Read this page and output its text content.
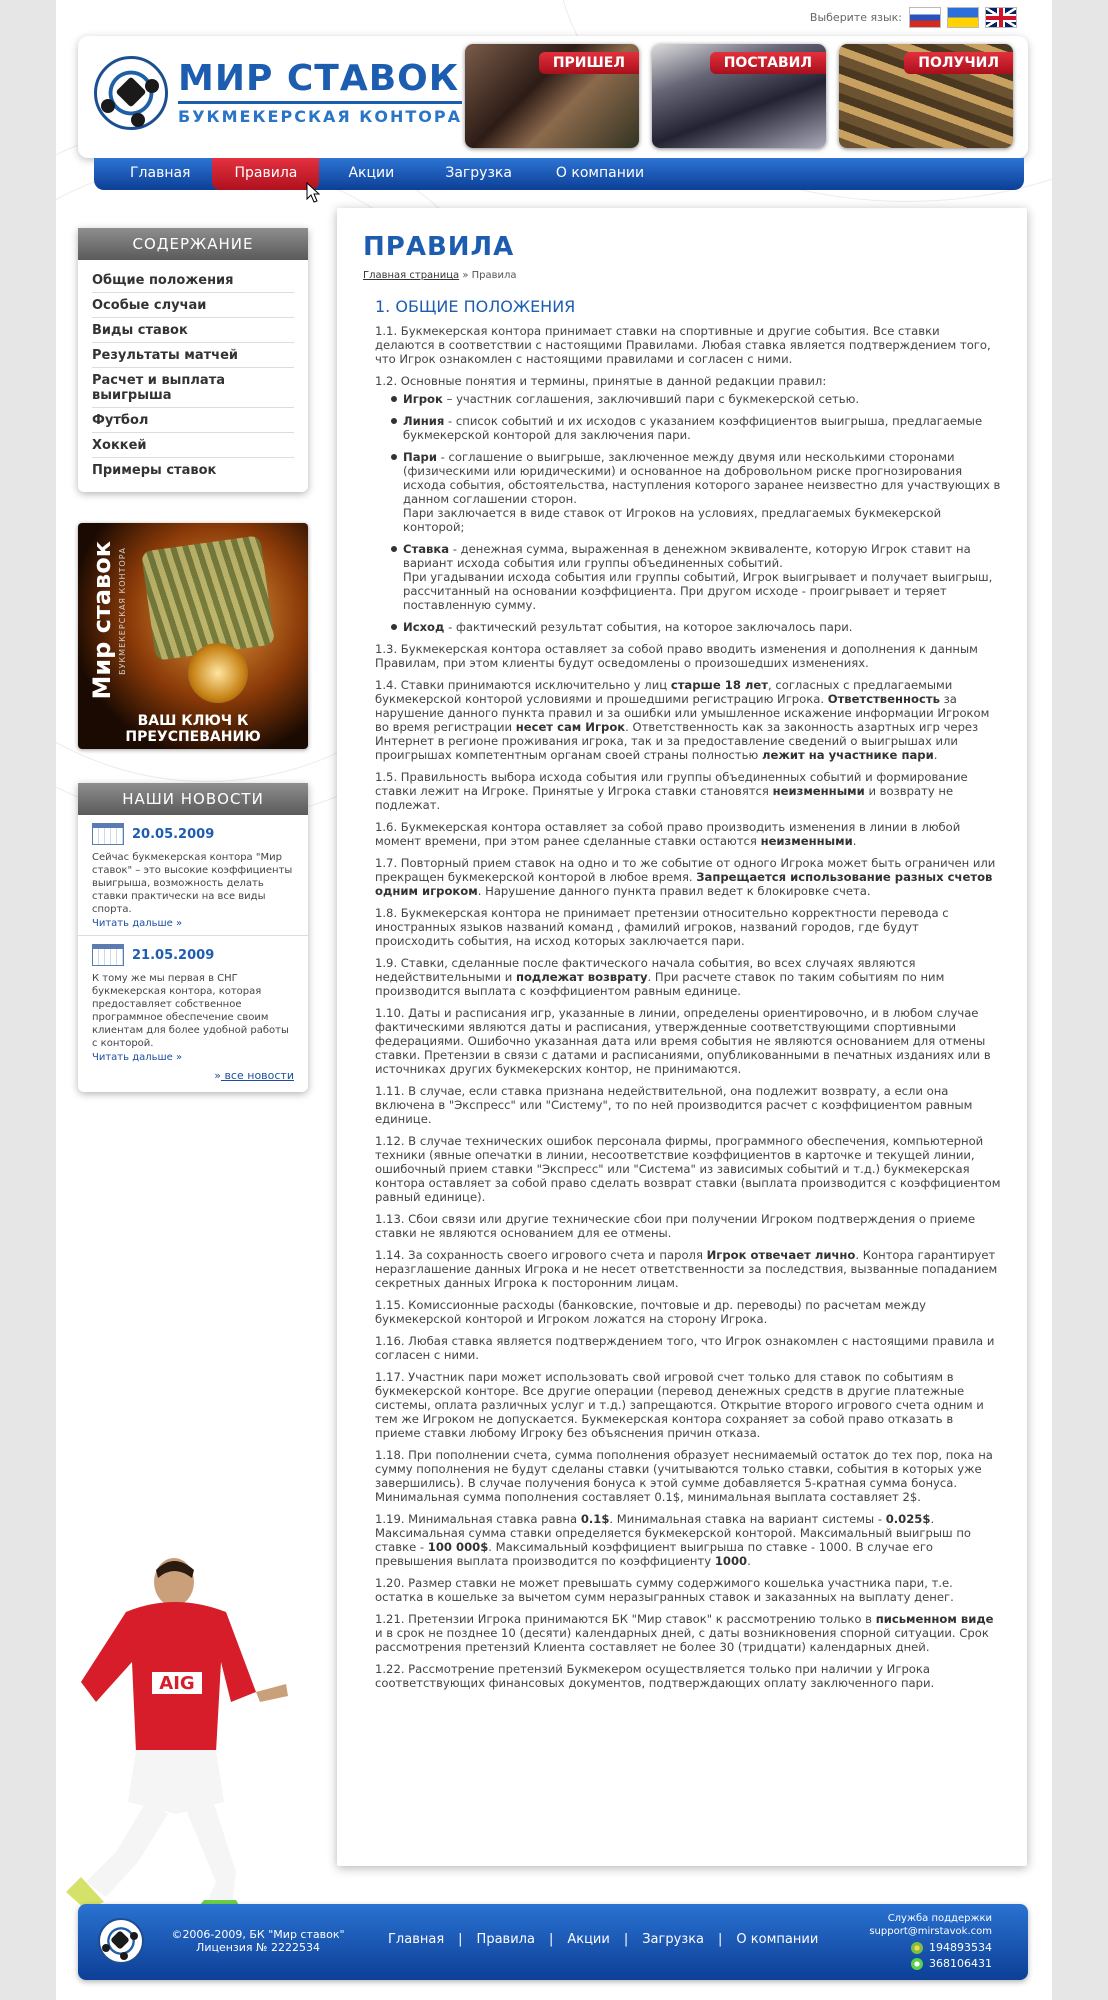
Выберите язык:
МИР СТАВОК
БУКМЕКЕРСКАЯ КОНТОРА
ПРИШЕЛ	ПОСТАВИЛ	ПОЛУЧИЛ
Главная	Правила	Акции	Загрузка	О компании
СОДЕРЖАНИЕ
Общие положения
Особые случаи
Виды ставок
Результаты матчей
Расчет и выплата выигрыша
Футбол
Хоккей
Примеры ставок
Мир ставок БУКМЕКЕРСКАЯ КОНТОРА
ВАШ КЛЮЧ К ПРЕУСПЕВАНИЮ
НАШИ НОВОСТИ
20.05.2009
Сейчас букмекерская контора "Мир ставок" – это высокие коэффициенты выигрыша, возможность делать ставки практически на все виды спорта.
Читать дальше »
21.05.2009
К тому же мы первая в СНГ букмекерская контора, которая предоставляет собственное программное обеспечение своим клиентам для более удобной работы с конторой.
Читать дальше »
» все новости
AIG
ПРАВИЛА
Главная страница » Правила
1. ОБЩИЕ ПОЛОЖЕНИЯ

1.1. Букмекерская контора принимает ставки на спортивные и другие события. Все ставки делаются в соответствии с настоящими Правилами. Любая ставка является подтверждением того, что Игрок ознакомлен с настоящими правилами и согласен с ними.

1.2. Основные понятия и термины, принятые в данной редакции правил:

Игрок – участник соглашения, заключивший пари с букмекерской сетью.
Линия - список событий и их исходов с указанием коэффициентов выигрыша, предлагаемые букмекерской конторой для заключения пари.
Пари - соглашение о выигрыше, заключенное между двумя или несколькими сторонами (физическими или юридическими) и основанное на добровольном риске прогнозирования исхода события, обстоятельства, наступления которого заранее неизвестно для участвующих в данном соглашении сторон.
Пари заключается в виде ставок от Игроков на условиях, предлагаемых букмекерской конторой;
Ставка - денежная сумма, выраженная в денежном эквиваленте, которую Игрок ставит на вариант исхода события или группы объединенных событий.
При угадывании исхода события или группы событий, Игрок выигрывает и получает выигрыш, рассчитанный на основании коэффициента. При другом исходе - проигрывает и теряет поставленную сумму.
Исход - фактический результат события, на которое заключалось пари.

1.3. Букмекерская контора оставляет за собой право вводить изменения и дополнения к данным Правилам, при этом клиенты будут осведомлены о произошедших изменениях.

1.4. Ставки принимаются исключительно у лиц старше 18 лет, согласных с предлагаемыми букмекерской конторой условиями и прошедшими регистрацию Игрока. Ответственность за нарушение данного пункта правил и за ошибки или умышленное искажение информации Игроком во время регистрации несет сам Игрок. Ответственность как за законность азартных игр через Интернет в регионе проживания игрока, так и за предоставление сведений о выигрышах или проигрышах компетентным органам своей страны полностью лежит на участнике пари.

1.5. Правильность выбора исхода события или группы объединенных событий и формирование ставки лежит на Игроке. Принятые у Игрока ставки становятся неизменными и возврату не подлежат.

1.6. Букмекерская контора оставляет за собой право производить изменения в линии в любой момент времени, при этом ранее сделанные ставки остаются неизменными.

1.7. Повторный прием ставок на одно и то же событие от одного Игрока может быть ограничен или прекращен букмекерской конторой в любое время. Запрещается использование разных счетов одним игроком. Нарушение данного пункта правил ведет к блокировке счета.

1.8. Букмекерская контора не принимает претензии относительно корректности перевода с иностранных языков названий команд , фамилий игроков, названий городов, где будут происходить события, на исход которых заключается пари.

1.9. Ставки, сделанные после фактического начала события, во всех случаях являются недействительными и подлежат возврату. При расчете ставок по таким событиям по ним производится выплата с коэффициентом равным единице.

1.10. Даты и расписания игр, указанные в линии, определены ориентировочно, и в любом случае фактическими являются даты и расписания, утвержденные соответствующими спортивными федерациями. Ошибочно указанная дата или время события не являются основанием для отмены ставки. Претензии в связи с датами и расписаниями, опубликованными в печатных изданиях или в источниках других букмекерских контор, не принимаются.

1.11. В случае, если ставка признана недействительной, она подлежит возврату, а если она включена в "Экспресс" или "Систему", то по ней производится расчет с коэффициентом равным единице.

1.12. В случае технических ошибок персонала фирмы, программного обеспечения, компьютерной техники (явные опечатки в линии, несоответствие коэффициентов в карточке и текущей линии, ошибочный прием ставки "Экспресс" или "Система" из зависимых событий и т.д.) букмекерская контора оставляет за собой право сделать возврат ставки (выплата производится с коэффициентом равный единице).

1.13. Сбои связи или другие технические сбои при получении Игроком подтверждения о приеме ставки не являются основанием для ее отмены.

1.14. За сохранность своего игрового счета и пароля Игрок отвечает лично. Контора гарантирует неразглашение данных Игрока и не несет ответственности за последствия, вызванные попаданием секретных данных Игрока к посторонним лицам.

1.15. Комиссионные расходы (банковские, почтовые и др. переводы) по расчетам между букмекерской конторой и Игроком ложатся на сторону Игрока.

1.16. Любая ставка является подтверждением того, что Игрок ознакомлен с настоящими правила и согласен с ними.

1.17. Участник пари может использовать свой игровой счет только для ставок по событиям в букмекерской конторе. Все другие операции (перевод денежных средств в другие платежные системы, оплата различных услуг и т.д.) запрещаются. Открытие второго игрового счета одним и тем же Игроком не допускается. Букмекерская контора сохраняет за собой право отказать в приеме ставки любому Игроку без объяснения причин отказа.

1.18. При пополнении счета, сумма пополнения образует неснимаемый остаток до тех пор, пока на сумму пополнения не будут сделаны ставки (учитываются только ставки, события в которых уже завершились). В случае получения бонуса к этой сумме добавляется 5-кратная сумма бонуса. Минимальная сумма пополнения составляет 0.1$, минимальная выплата составляет 2$.

1.19. Минимальная ставка равна 0.1$. Минимальная ставка на вариант системы - 0.025$. Максимальная сумма ставки определяется букмекерской конторой. Максимальный выигрыш по ставке - 100 000$. Максимальный коэффициент выигрыша по ставке - 1000. В случае его превышения выплата производится по коэффициенту 1000.

1.20. Размер ставки не может превышать сумму содержимого кошелька участника пари, т.е. остатка в кошельке за вычетом сумм неразыгранных ставок и заказанных на выплату денег.

1.21. Претензии Игрока принимаются БК "Мир ставок" к рассмотрению только в письменном виде и в срок не позднее 10 (десяти) календарных дней, с даты возникновения спорной ситуации. Срок рассмотрения претензий Клиента составляет не более 30 (тридцати) календарных дней.

1.22. Рассмотрение претензий Букмекером осуществляется только при наличии у Игрока соответствующих финансовых документов, подтверждающих оплату заключенного пари.

©2006-2009, БК "Мир ставок"
Лицензия № 2222534
Главная | Правила | Акции | Загрузка | О компании
Служба поддержки
support@mirstavok.com
194893534
368106431
